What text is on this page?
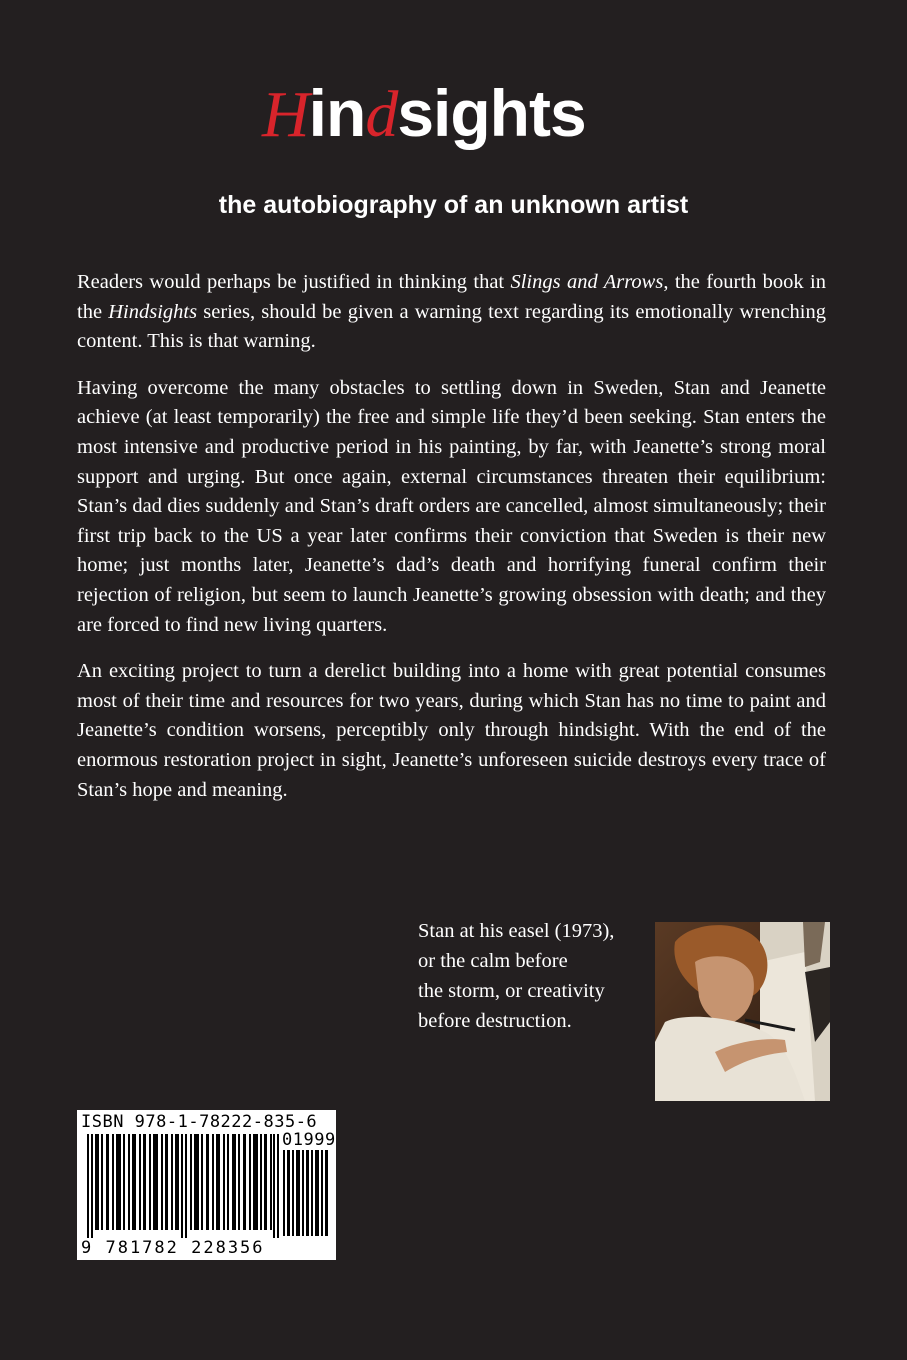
Hindsights
the autobiography of an unknown artist

Readers would perhaps be justified in thinking that Slings and Arrows, the fourth book in the Hindsights series, should be given a warning text regarding its emotionally wrenching content. This is that warning.

Having overcome the many obstacles to settling down in Sweden, Stan and Jeanette achieve (at least temporarily) the free and simple life they’d been seeking. Stan enters the most intensive and productive period in his painting, by far, with Jeanette’s strong moral support and urging. But once again, external circumstances threaten their equilibrium: Stan’s dad dies suddenly and Stan’s draft orders are cancelled, almost simultaneously; their first trip back to the US a year later confirms their conviction that Sweden is their new home; just months later, Jeanette’s dad’s death and horrifying funeral confirm their rejection of religion, but seem to launch Jeanette’s growing obsession with death; and they are forced to find new living quarters.

An exciting project to turn a derelict building into a home with great potential consumes most of their time and resources for two years, during which Stan has no time to paint and Jeanette’s condition worsens, perceptibly only through hindsight. With the end of the enormous restoration project in sight, Jeanette’s unforeseen suicide destroys every trace of Stan’s hope and meaning.

Stan at his easel (1973),
or the calm before
the storm, or creativity
before destruction.
ISBN 978-1-78222-835-6
01999
9 781782 228356
